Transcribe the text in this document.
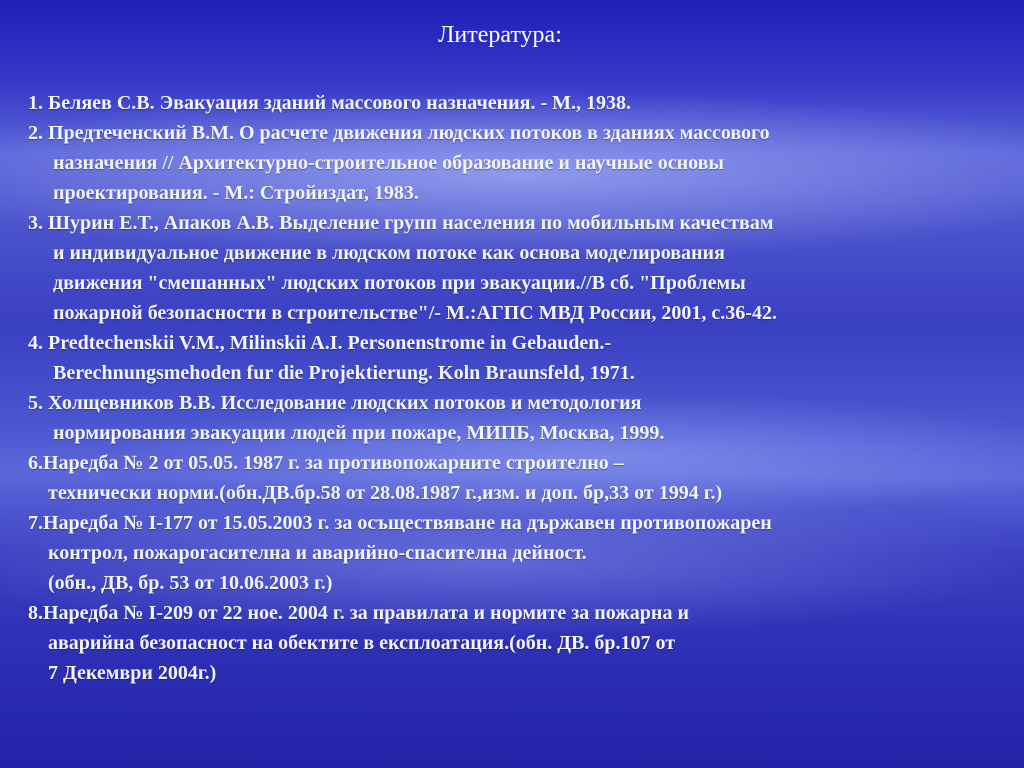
Литература:
1. Беляев С.В. Эвакуация зданий массового назначения. - М., 1938.
2. Предтеченский В.М. О расчете движения людских потоков в зданиях массового
назначения // Архитектурно-строительное образование и научные основы
проектирования. - М.: Стройиздат, 1983.
3. Шурин Е.Т., Апаков А.В. Выделение групп населения по мобильным качествам
и индивидуальное движение в людском потоке как основа моделирования
движения "смешанных" людских потоков при эвакуации.//В сб. "Проблемы
пожарной безопасности в строительстве"/- М.:АГПС МВД России, 2001, с.36-42.
4. Predtechenskii V.M., Milinskii A.I. Personenstrome in Gebauden.-
Berechnungsmehoden fur die Projektierung. Koln Braunsfeld, 1971.
5. Холщевников В.В. Исследование людских потоков и методология
нормирования эвакуации людей при пожаре, МИПБ, Москва, 1999.
6.Наредба № 2 от 05.05. 1987 г. за противопожарните строително –
технически норми.(обн.ДВ.бр.58 от 28.08.1987 г.,изм. и доп. бр,33 от 1994 г.)
7.Наредба № І-177 от 15.05.2003 г. за осъществяване на държавен противопожарен
контрол, пожарогасителна и аварийно-спасителна дейност.
(обн., ДВ, бр. 53 от 10.06.2003 г.)
8.Наредба № І-209 от 22 ное. 2004 г. за правилата и нормите за пожарна и
аварийна безопасност на обектите в експлоатация.(обн. ДВ. бр.107 от
7 Декември 2004г.)
